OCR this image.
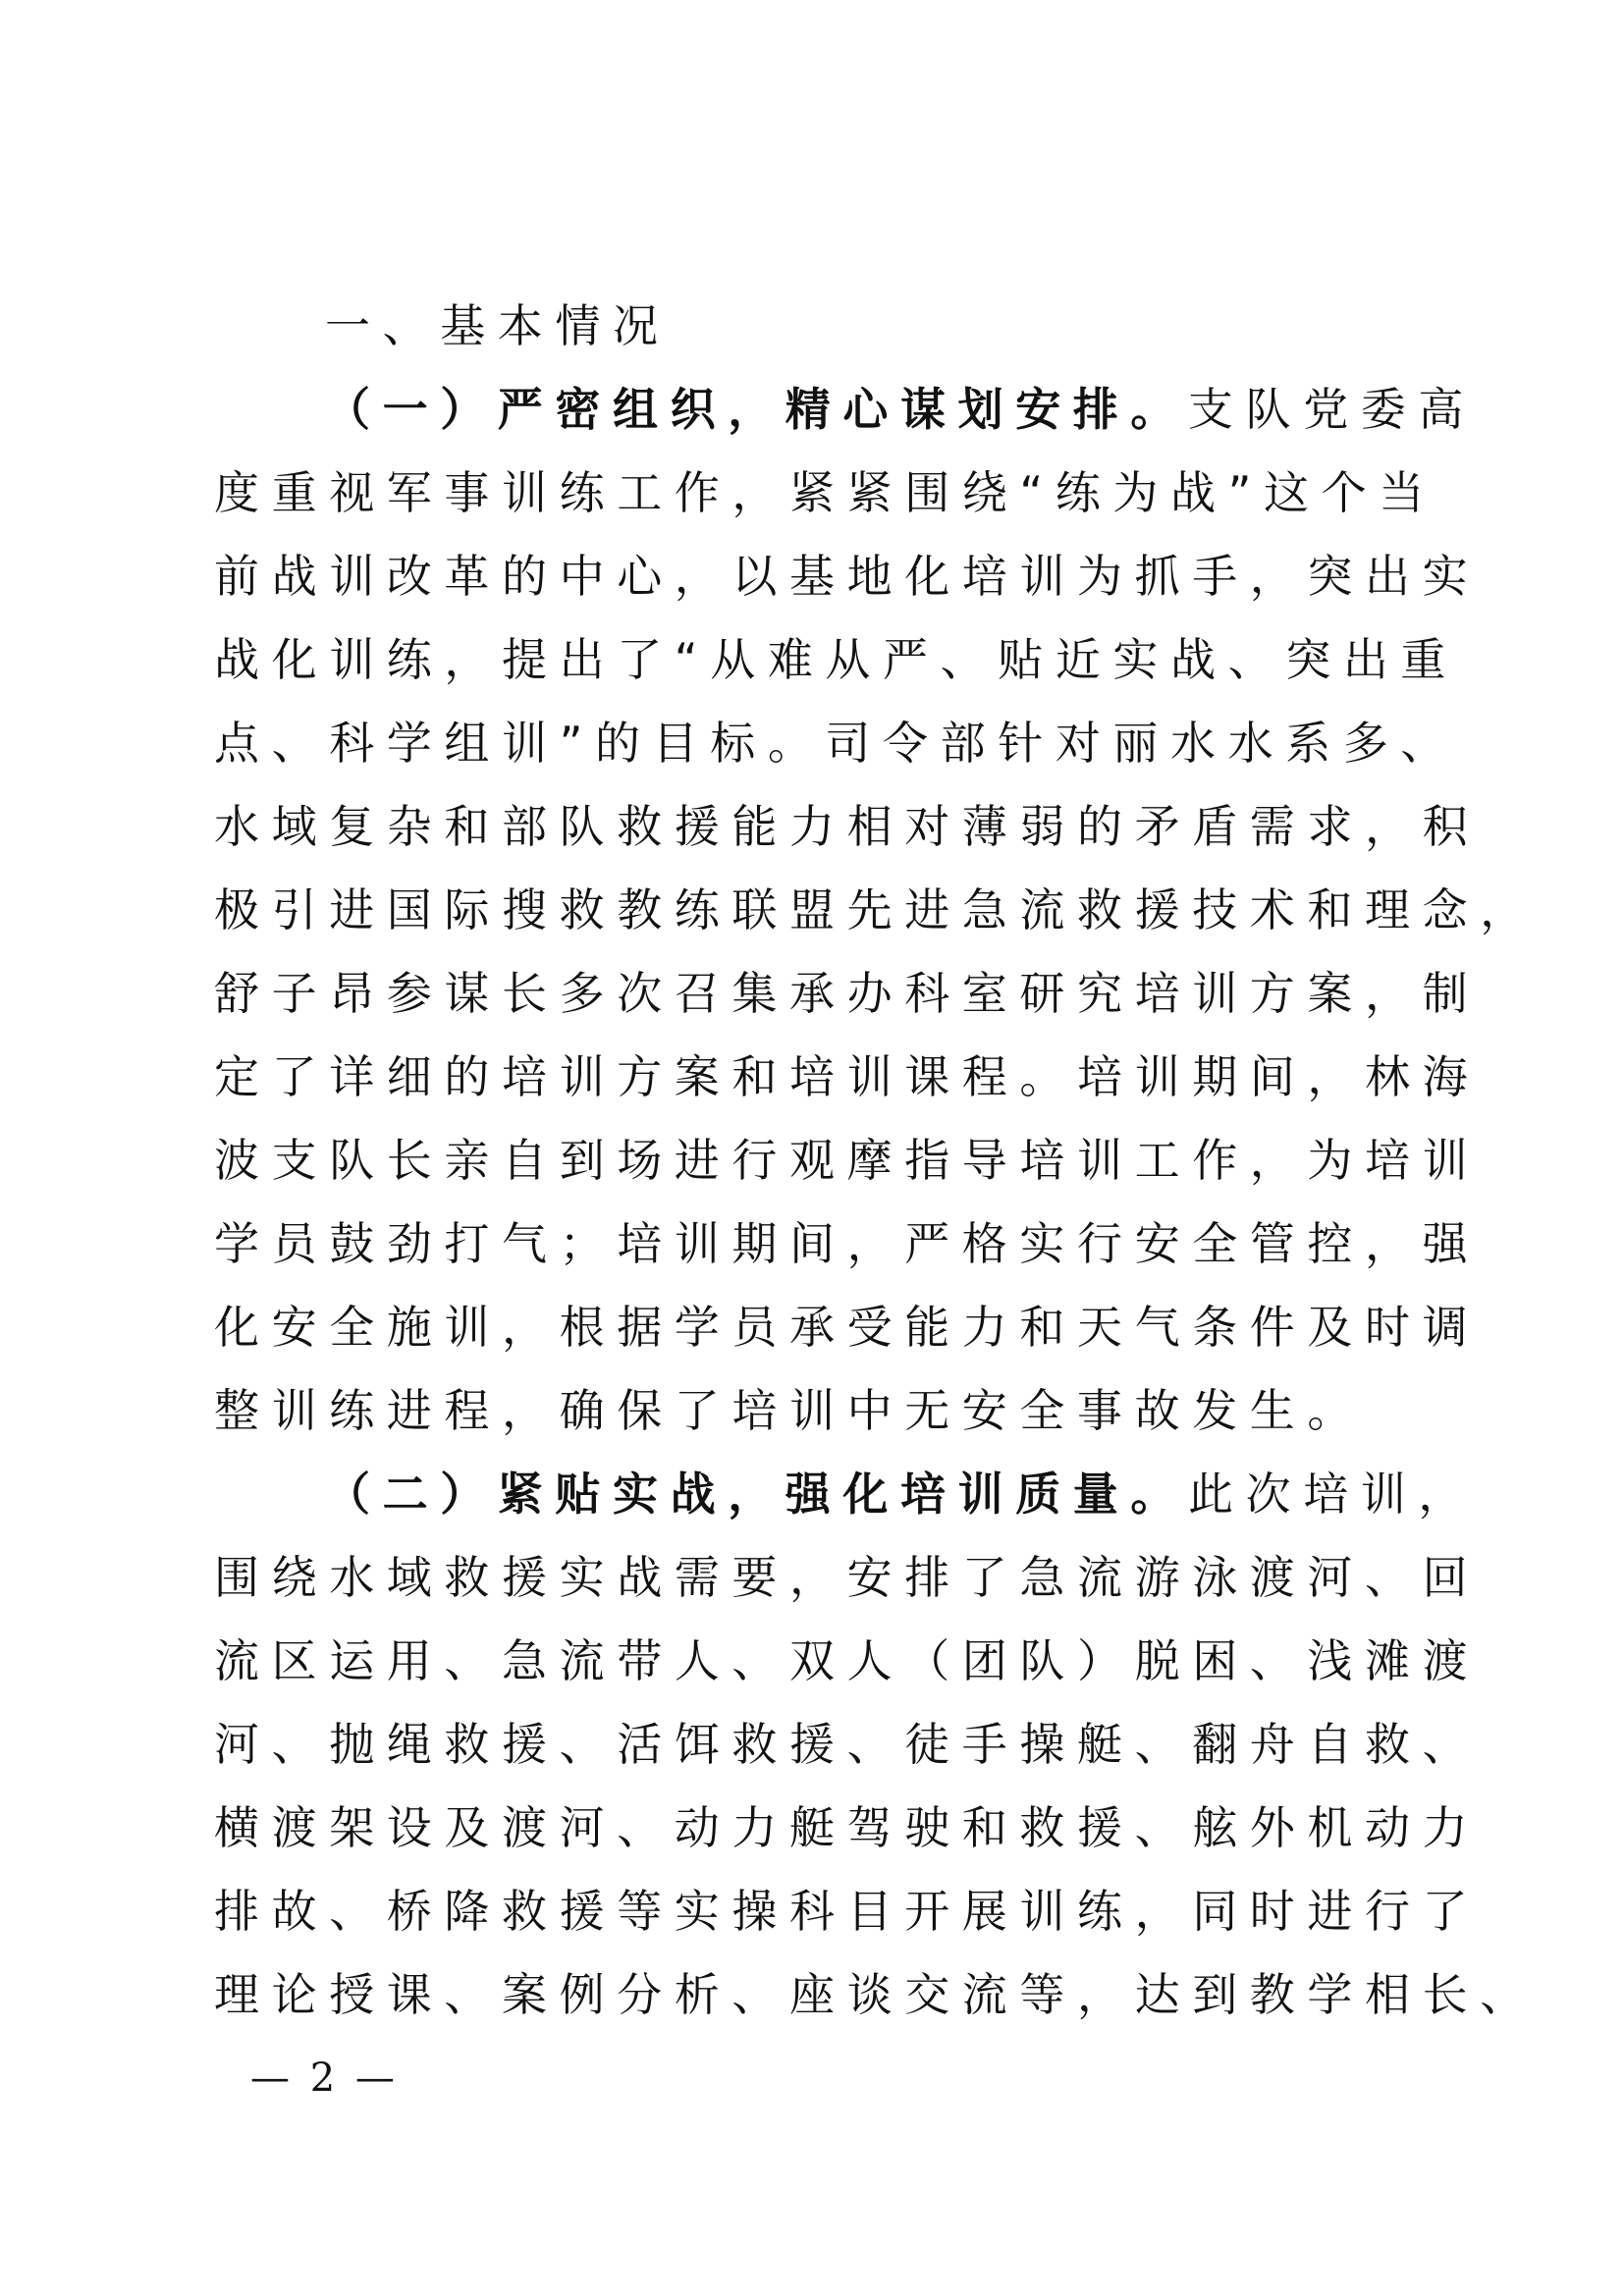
一、基本情况
（一）严密组织，精心谋划安排。支队党委高
度重视军事训练工作，紧紧围绕“练为战”这个当
前战训改革的中心，以基地化培训为抓手，突出实
战化训练，提出了“从难从严、贴近实战、突出重
点、科学组训”的目标。司令部针对丽水水系多、
水域复杂和部队救援能力相对薄弱的矛盾需求，积
极引进国际搜救教练联盟先进急流救援技术和理念，
舒子昂参谋长多次召集承办科室研究培训方案，制
定了详细的培训方案和培训课程。培训期间，林海
波支队长亲自到场进行观摩指导培训工作，为培训
学员鼓劲打气；培训期间，严格实行安全管控，强
化安全施训，根据学员承受能力和天气条件及时调
整训练进程，确保了培训中无安全事故发生。
（二）紧贴实战，强化培训质量。此次培训，
围绕水域救援实战需要，安排了急流游泳渡河、回
流区运用、急流带人、双人（团队）脱困、浅滩渡
河、抛绳救援、活饵救援、徒手操艇、翻舟自救、
横渡架设及渡河、动力艇驾驶和救援、舷外机动力
排故、桥降救援等实操科目开展训练，同时进行了
理论授课、案例分析、座谈交流等，达到教学相长、
— 2 —
